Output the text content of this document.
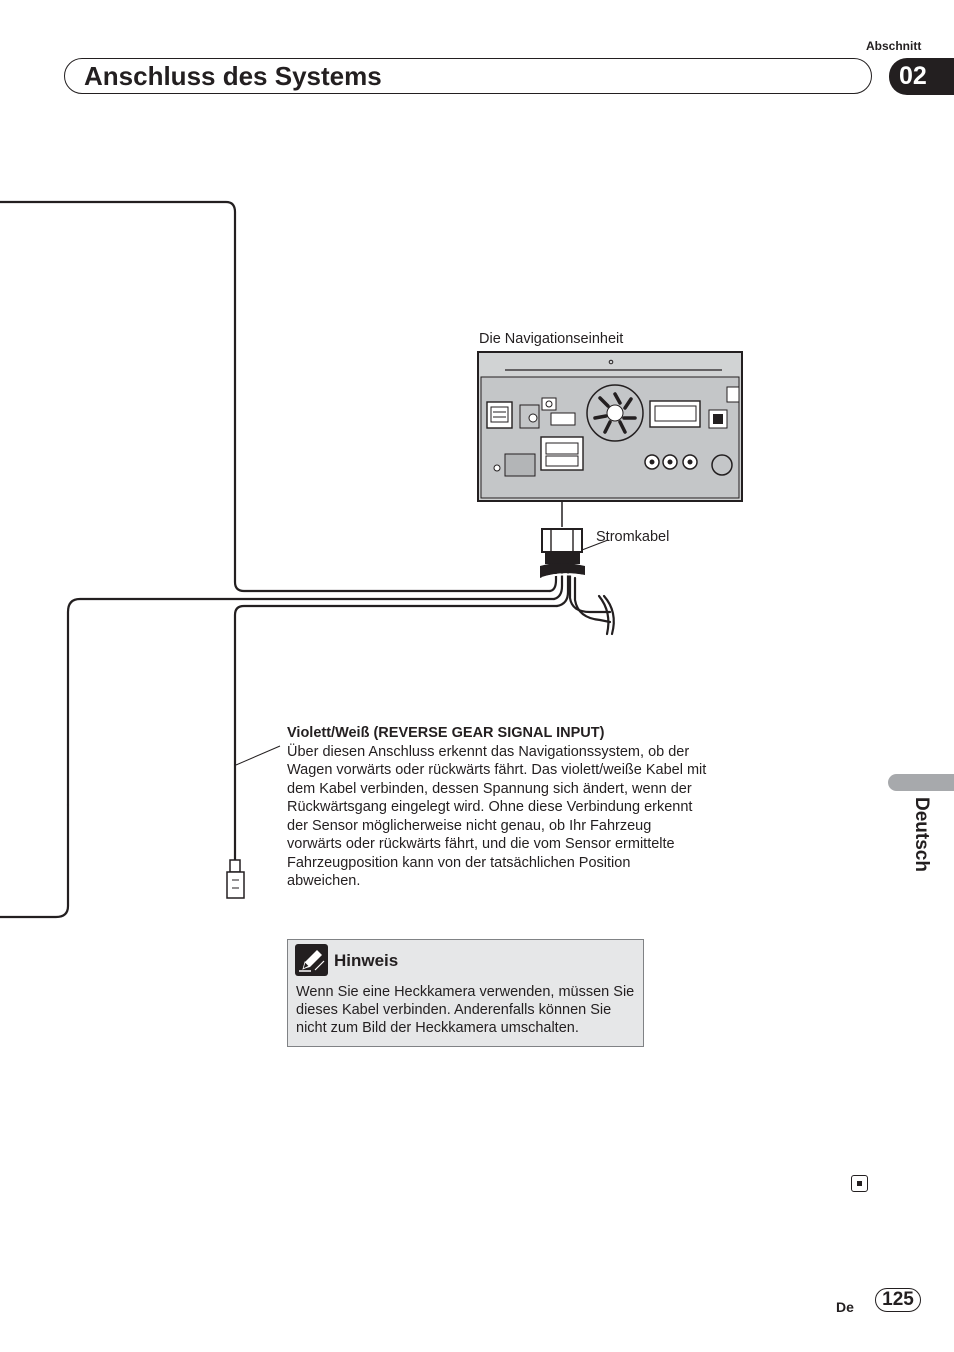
Abschnitt
Anschluss des Systems	02
Deutsch
Die Navigationseinheit
Stromkabel
Violett/Weiß (REVERSE GEAR SIGNAL INPUT)
Über diesen Anschluss erkennt das Navigationssystem, ob der Wagen vorwärts oder rückwärts fährt. Das violett/weiße Kabel mit dem Kabel verbinden, dessen Spannung sich ändert, wenn der Rückwärtsgang eingelegt wird. Ohne diese Verbindung erkennt der Sensor möglicherweise nicht genau, ob Ihr Fahrzeug vorwärts oder rückwärts fährt, und die vom Sensor ermittelte Fahrzeugposition kann von der tatsächlichen Position abweichen.
Hinweis
Wenn Sie eine Heckkamera verwenden, müssen Sie dieses Kabel verbinden. Anderenfalls können Sie nicht zum Bild der Heckkamera umschalten.
De	125
